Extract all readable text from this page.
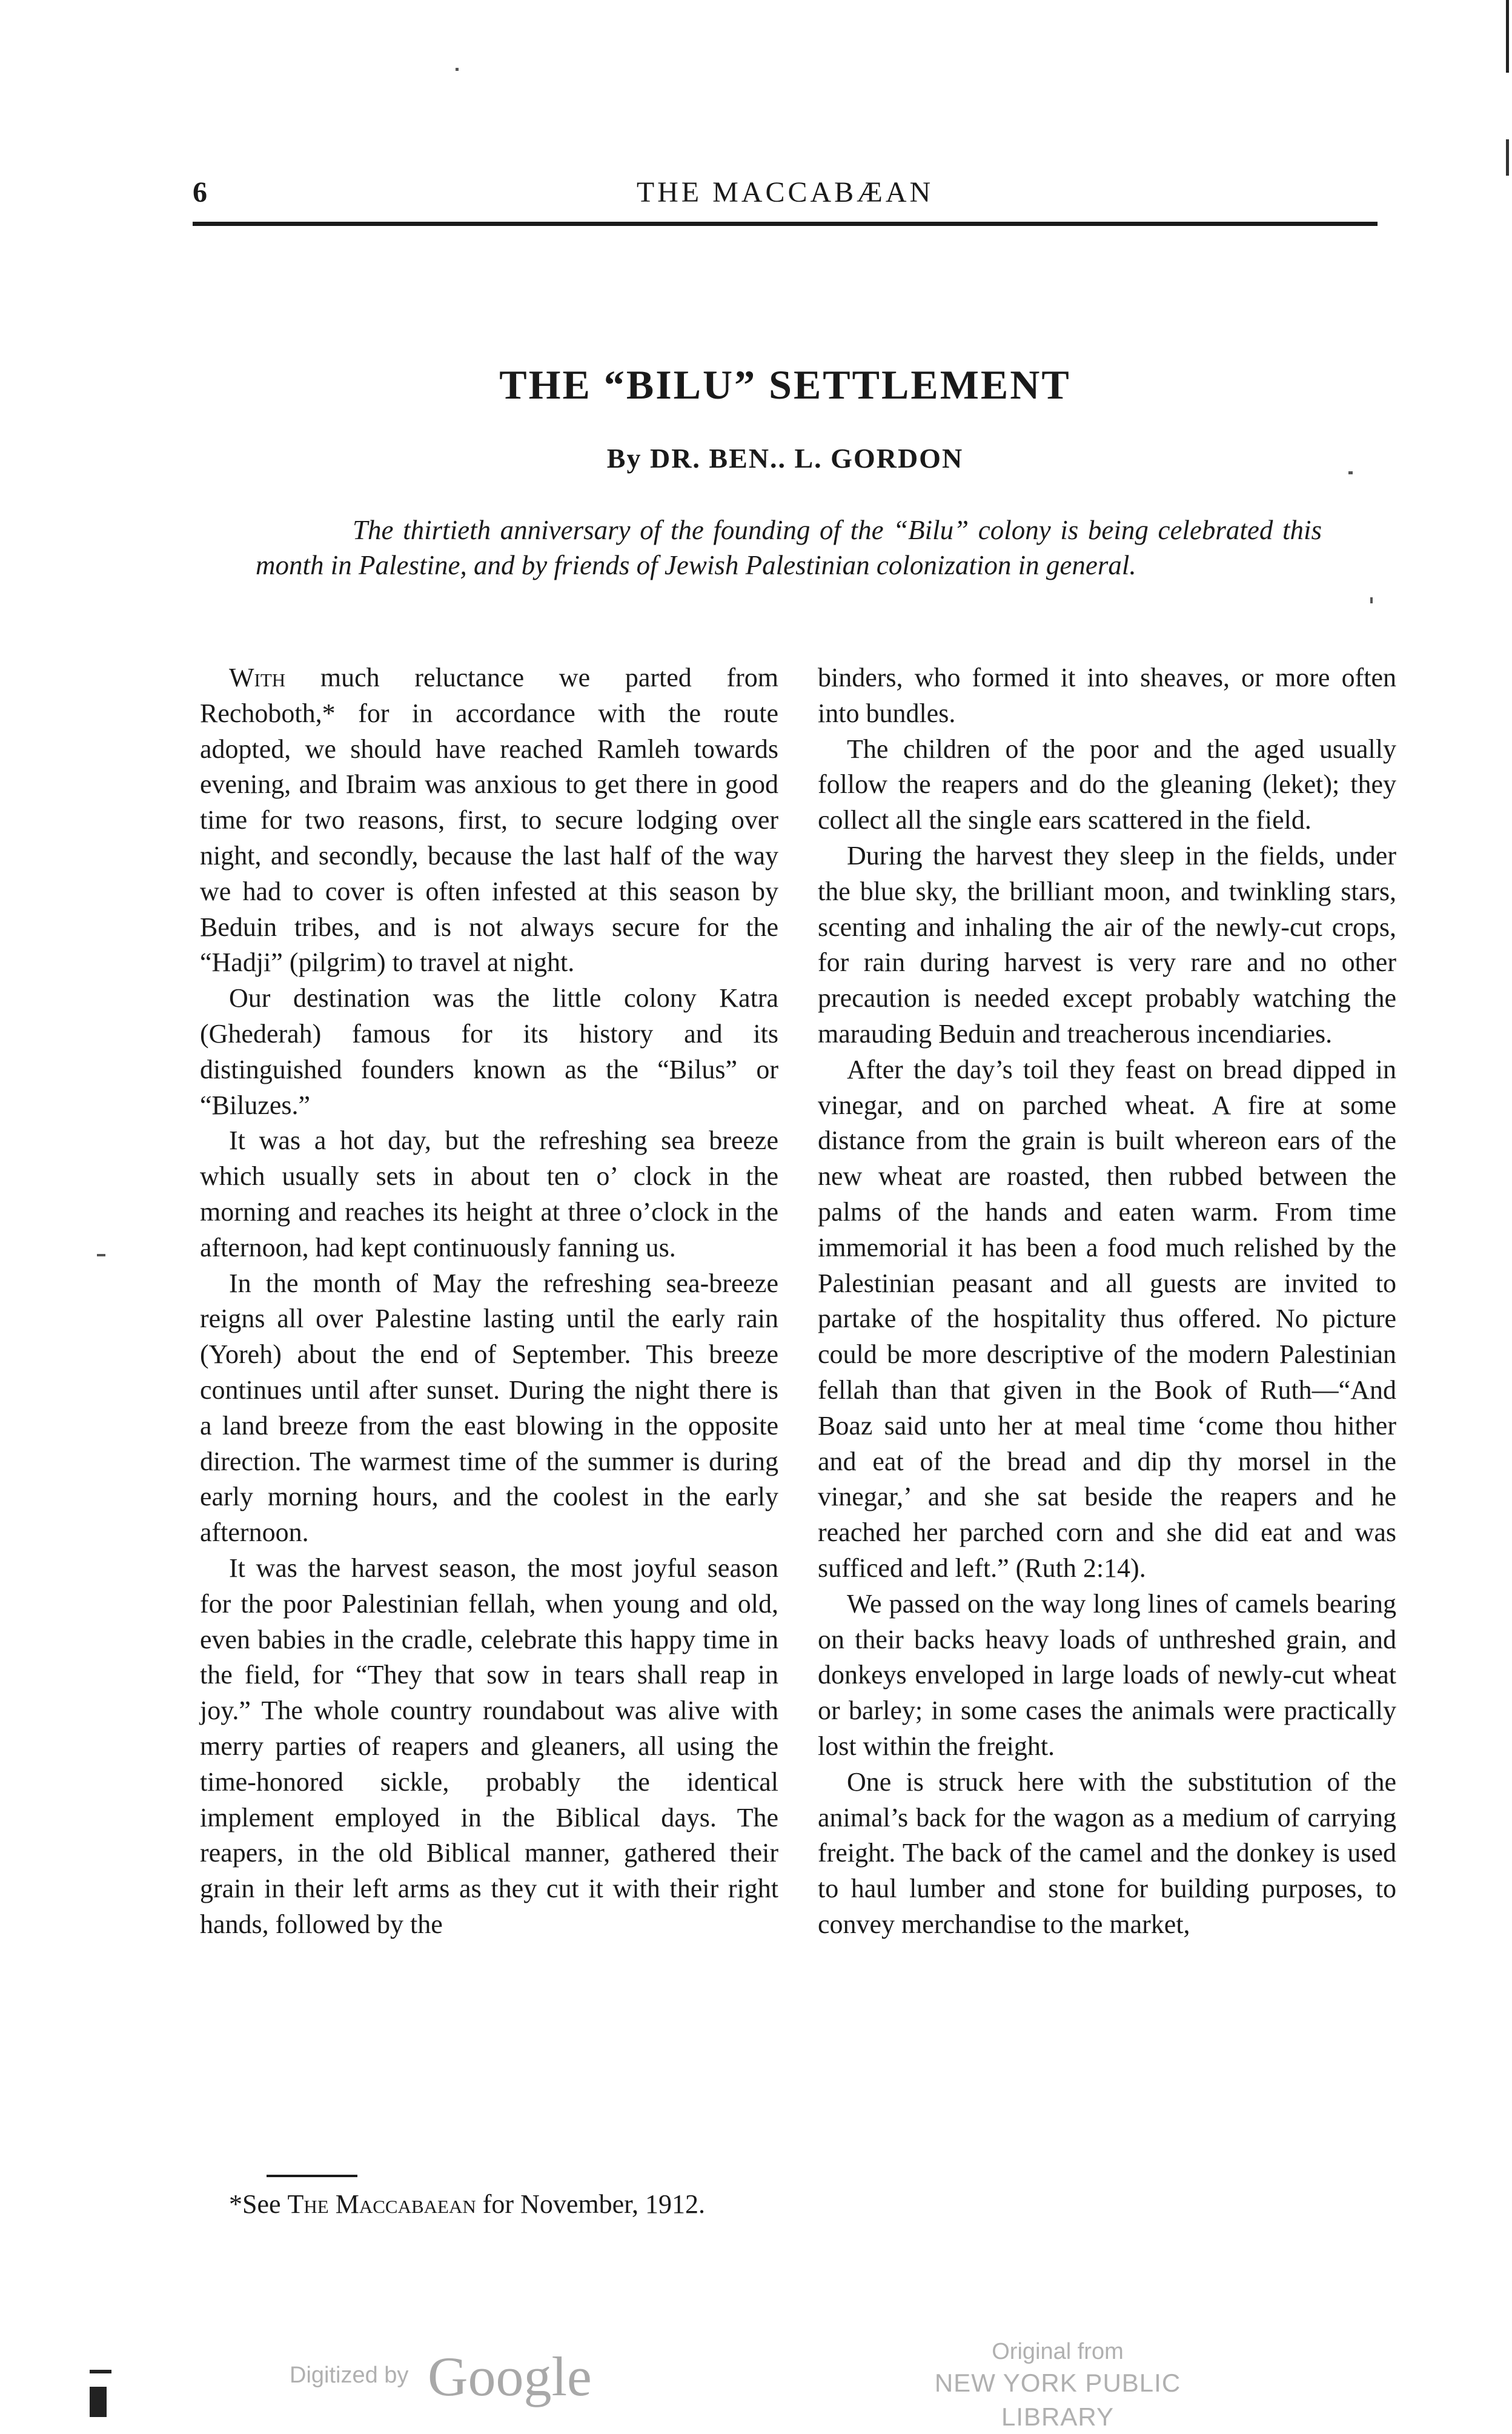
6	THE MACCABÆAN
THE “BILU” SETTLEMENT
By DR. BEN.. L. GORDON
The thirtieth anniversary of the founding of the “Bilu” colony is being celebrated this month in Palestine, and by friends of Jewish Palestinian colonization in general.

With much reluctance we parted from Rechoboth,* for in accordance with the route adopted, we should have reached Ramleh towards evening, and Ibraim was anxious to get there in good time for two reasons, first, to secure lodging over night, and secondly, because the last half of the way we had to cover is often infested at this season by Beduin tribes, and is not always secure for the “Hadji” (pilgrim) to travel at night.

Our destination was the little colony Katra (Ghederah) famous for its history and its distinguished founders known as the “Bilus” or “Biluzes.”

It was a hot day, but the refreshing sea breeze which usually sets in about ten o’ clock in the morning and reaches its height at three o’clock in the afternoon, had kept continuously fanning us.

In the month of May the refreshing sea-breeze reigns all over Palestine lasting until the early rain (Yoreh) about the end of September. This breeze continues until after sunset. During the night there is a land breeze from the east blowing in the opposite direction. The warmest time of the summer is during early morning hours, and the coolest in the early afternoon.

It was the harvest season, the most joyful season for the poor Palestinian fellah, when young and old, even babies in the cradle, celebrate this happy time in the field, for “They that sow in tears shall reap in joy.” The whole country roundabout was alive with merry parties of reapers and gleaners, all using the time-honored sickle, probably the identical implement employed in the Biblical days. The reapers, in the old Biblical manner, gathered their grain in their left arms as they cut it with their right hands, followed by the

*See The Maccabaean for November, 1912.

binders, who formed it into sheaves, or more often into bundles.

The children of the poor and the aged usually follow the reapers and do the gleaning (leket); they collect all the single ears scattered in the field.

During the harvest they sleep in the fields, under the blue sky, the brilliant moon, and twinkling stars, scenting and inhaling the air of the newly-cut crops, for rain during harvest is very rare and no other precaution is needed except probably watching the marauding Beduin and treacherous incendiaries.

After the day’s toil they feast on bread dipped in vinegar, and on parched wheat. A fire at some distance from the grain is built whereon ears of the new wheat are roasted, then rubbed between the palms of the hands and eaten warm. From time immemorial it has been a food much relished by the Palestinian peasant and all guests are invited to partake of the hospitality thus offered. No picture could be more descriptive of the modern Palestinian fellah than that given in the Book of Ruth—“And Boaz said unto her at meal time ‘come thou hither and eat of the bread and dip thy morsel in the vinegar,’ and she sat beside the reapers and he reached her parched corn and she did eat and was sufficed and left.” (Ruth 2:14).

We passed on the way long lines of camels bearing on their backs heavy loads of unthreshed grain, and donkeys enveloped in large loads of newly-cut wheat or barley; in some cases the animals were practically lost within the freight.

One is struck here with the substitution of the animal’s back for the wagon as a medium of carrying freight. The back of the camel and the donkey is used to haul lumber and stone for building purposes, to convey merchandise to the market,

Digitized by Google	Original from
NEW YORK PUBLIC LIBRARY
